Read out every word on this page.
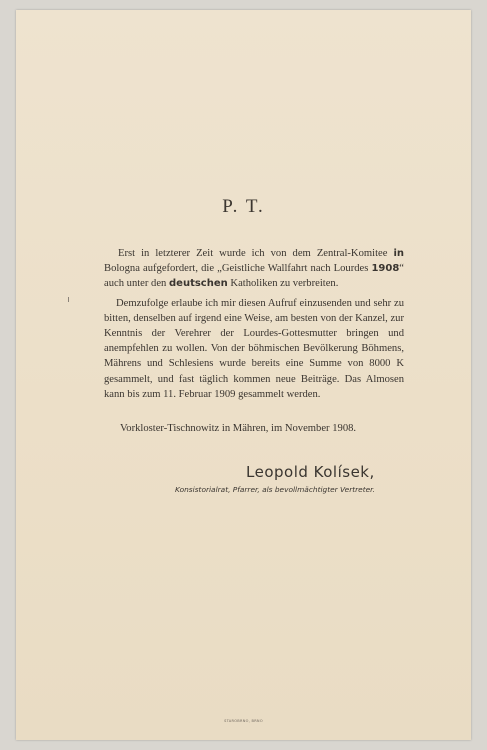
P. T.

Erst in letzterer Zeit wurde ich von dem Zentral-Komitee in Bologna aufgefordert, die „Geistliche Wallfahrt nach Lourdes 1908“ auch unter den deutschen Katholiken zu verbreiten.

Demzufolge erlaube ich mir diesen Aufruf einzusenden und sehr zu bitten, denselben auf irgend eine Weise, am besten von der Kanzel, zur Kenntnis der Verehrer der Lourdes-Gottesmutter bringen und anempfehlen zu wollen. Von der böhmischen Bevölkerung Böhmens, Mährens und Schlesiens wurde bereits eine Summe von 8000 K gesammelt, und fast täglich kommen neue Beiträge. Das Almosen kann bis zum 11. Februar 1909 gesammelt werden.

Vorkloster-Tischnowitz in Mähren, im November 1908.
Leopold Kolísek,
Konsistorialrat, Pfarrer, als bevollmächtigter Vertreter.
STAROBRNO, BRNO
